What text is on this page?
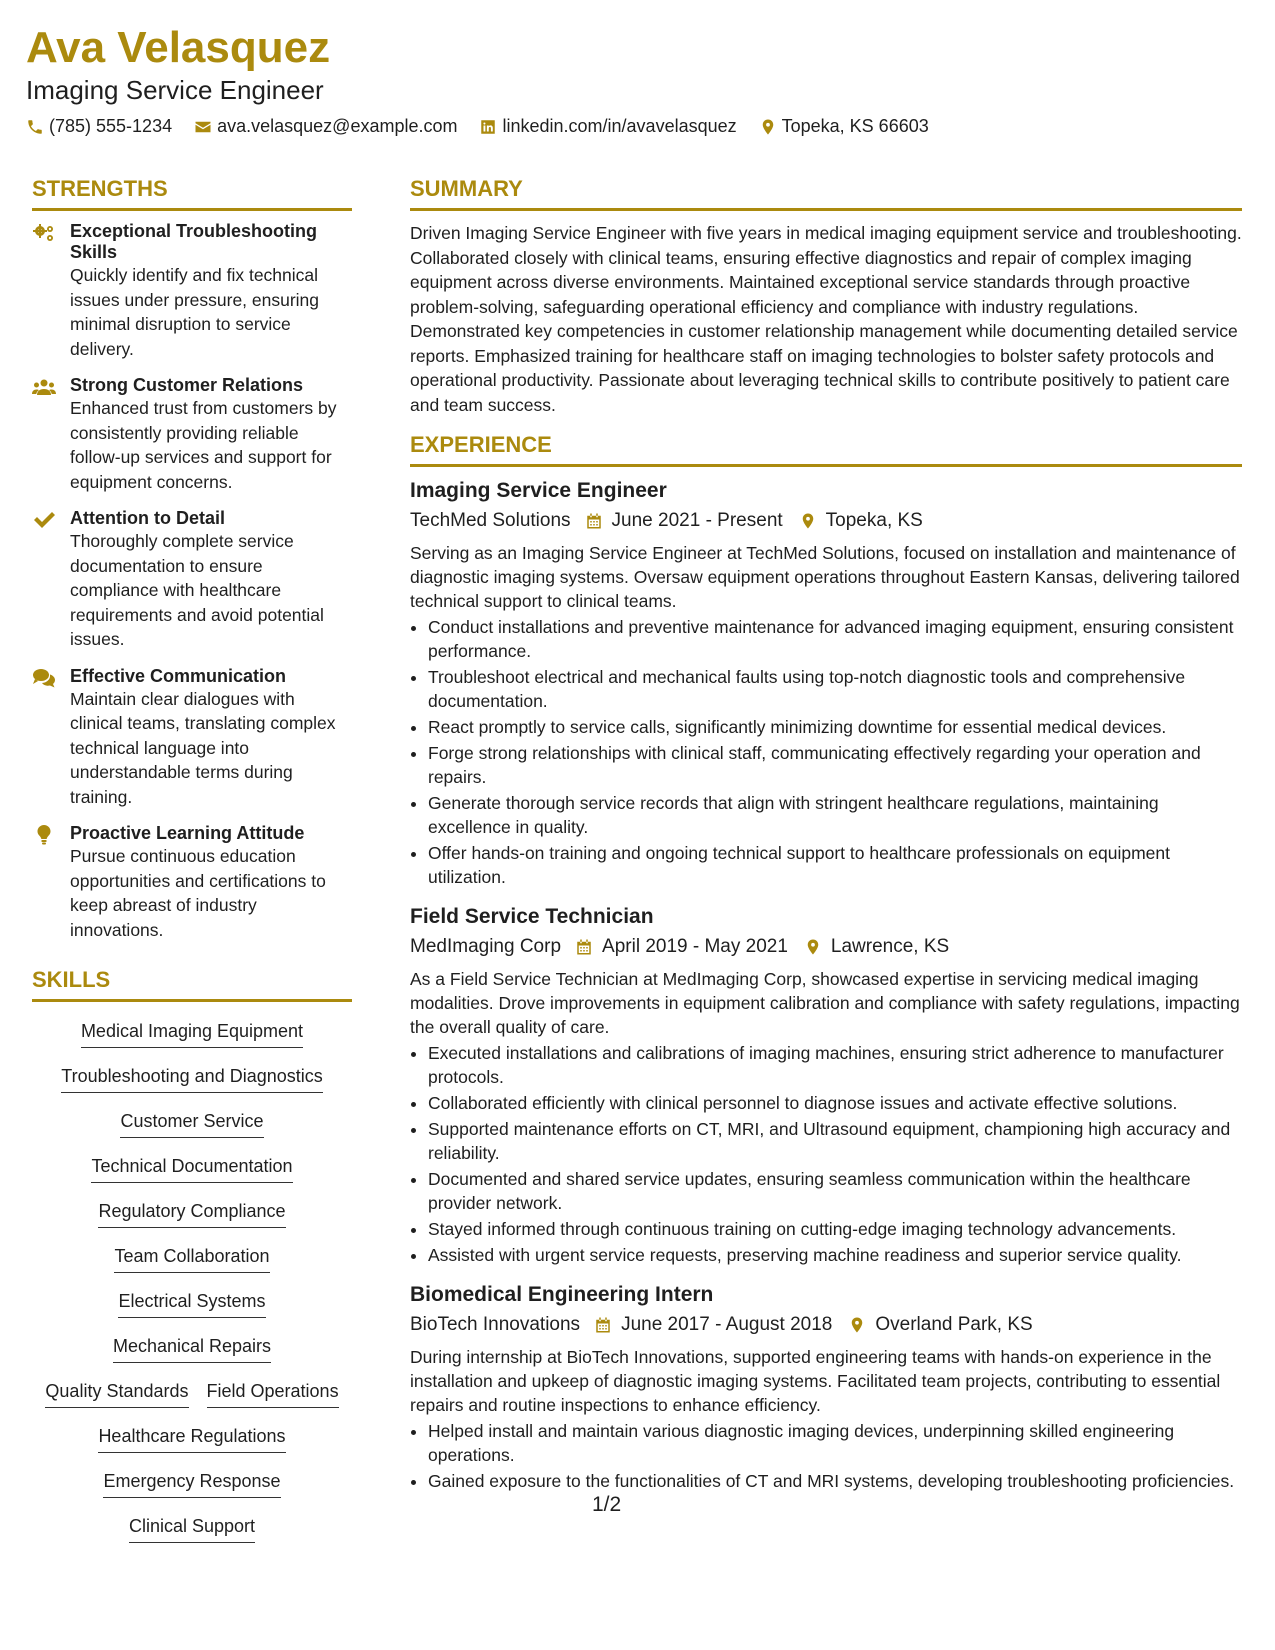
Ava Velasquez
Imaging Service Engineer
(785) 555-1234	ava.velasquez@example.com	linkedin.com/in/avavelasquez	Topeka, KS 66603
STRENGTHS
Exceptional Troubleshooting Skills
Quickly identify and fix technical issues under pressure, ensuring minimal disruption to service delivery.
Strong Customer Relations
Enhanced trust from customers by consistently providing reliable follow-up services and support for equipment concerns.
Attention to Detail
Thoroughly complete service documentation to ensure compliance with healthcare requirements and avoid potential issues.
Effective Communication
Maintain clear dialogues with clinical teams, translating complex technical language into understandable terms during training.
Proactive Learning Attitude
Pursue continuous education opportunities and certifications to keep abreast of industry innovations.
SKILLS
Medical Imaging Equipment
Troubleshooting and Diagnostics
Customer Service
Technical Documentation
Regulatory Compliance
Team Collaboration
Electrical Systems
Mechanical Repairs
Quality Standards Field Operations
Healthcare Regulations
Emergency Response
Clinical Support
SUMMARY

Driven Imaging Service Engineer with five years in medical imaging equipment service and troubleshooting. Collaborated closely with clinical teams, ensuring effective diagnostics and repair of complex imaging equipment across diverse environments. Maintained exceptional service standards through proactive problem-solving, safeguarding operational efficiency and compliance with industry regulations. Demonstrated key competencies in customer relationship management while documenting detailed service reports. Emphasized training for healthcare staff on imaging technologies to bolster safety protocols and operational productivity. Passionate about leveraging technical skills to contribute positively to patient care and team success.

EXPERIENCE
Imaging Service Engineer
TechMed Solutions June 2021 - Present Topeka, KS
Serving as an Imaging Service Engineer at TechMed Solutions, focused on installation and maintenance of diagnostic imaging systems. Oversaw equipment operations throughout Eastern Kansas, delivering tailored technical support to clinical teams.
• Conduct installations and preventive maintenance for advanced imaging equipment, ensuring consistent performance.
• Troubleshoot electrical and mechanical faults using top-notch diagnostic tools and comprehensive documentation.
• React promptly to service calls, significantly minimizing downtime for essential medical devices.
• Forge strong relationships with clinical staff, communicating effectively regarding your operation and repairs.
• Generate thorough service records that align with stringent healthcare regulations, maintaining excellence in quality.
• Offer hands-on training and ongoing technical support to healthcare professionals on equipment utilization.
Field Service Technician
MedImaging Corp April 2019 - May 2021 Lawrence, KS
As a Field Service Technician at MedImaging Corp, showcased expertise in servicing medical imaging modalities. Drove improvements in equipment calibration and compliance with safety regulations, impacting the overall quality of care.
• Executed installations and calibrations of imaging machines, ensuring strict adherence to manufacturer protocols.
• Collaborated efficiently with clinical personnel to diagnose issues and activate effective solutions.
• Supported maintenance efforts on CT, MRI, and Ultrasound equipment, championing high accuracy and reliability.
• Documented and shared service updates, ensuring seamless communication within the healthcare provider network.
• Stayed informed through continuous training on cutting-edge imaging technology advancements.
• Assisted with urgent service requests, preserving machine readiness and superior service quality.
Biomedical Engineering Intern
BioTech Innovations June 2017 - August 2018 Overland Park, KS
During internship at BioTech Innovations, supported engineering teams with hands-on experience in the installation and upkeep of diagnostic imaging systems. Facilitated team projects, contributing to essential repairs and routine inspections to enhance efficiency.
• Helped install and maintain various diagnostic imaging devices, underpinning skilled engineering operations.
• Gained exposure to the functionalities of CT and MRI systems, developing troubleshooting proficiencies.
1/2
